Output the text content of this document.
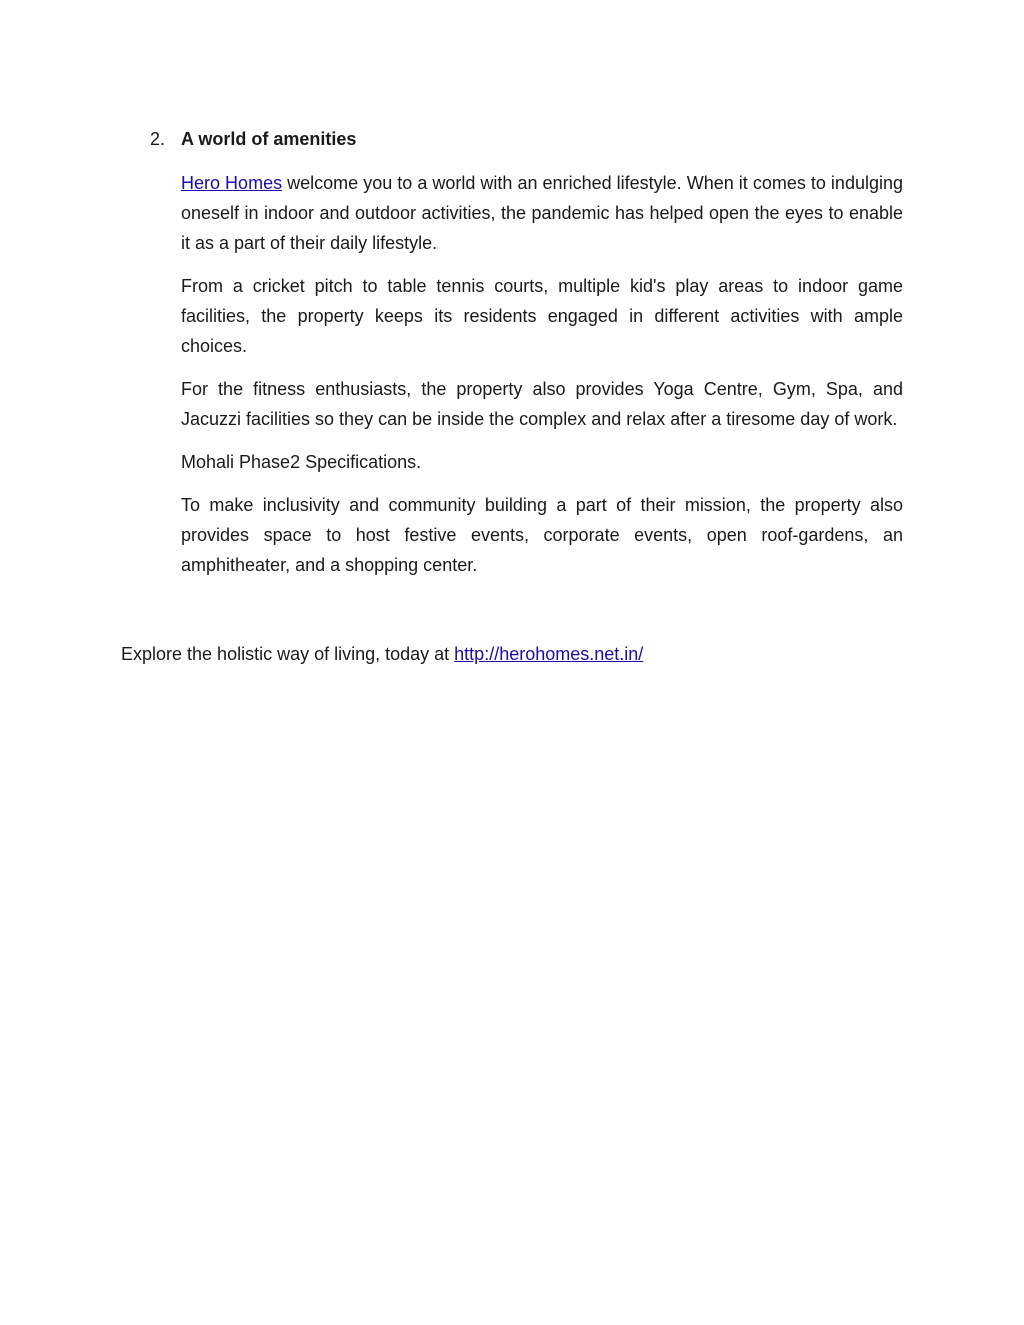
2. A world of amenities

Hero Homes welcome you to a world with an enriched lifestyle. When it comes to indulging oneself in indoor and outdoor activities, the pandemic has helped open the eyes to enable it as a part of their daily lifestyle.

From a cricket pitch to table tennis courts, multiple kid's play areas to indoor game facilities, the property keeps its residents engaged in different activities with ample choices.

For the fitness enthusiasts, the property also provides Yoga Centre, Gym, Spa, and Jacuzzi facilities so they can be inside the complex and relax after a tiresome day of work.

Mohali Phase2 Specifications.

To make inclusivity and community building a part of their mission, the property also provides space to host festive events, corporate events, open roof-gardens, an amphitheater, and a shopping center.

Explore the holistic way of living, today at http://herohomes.net.in/
